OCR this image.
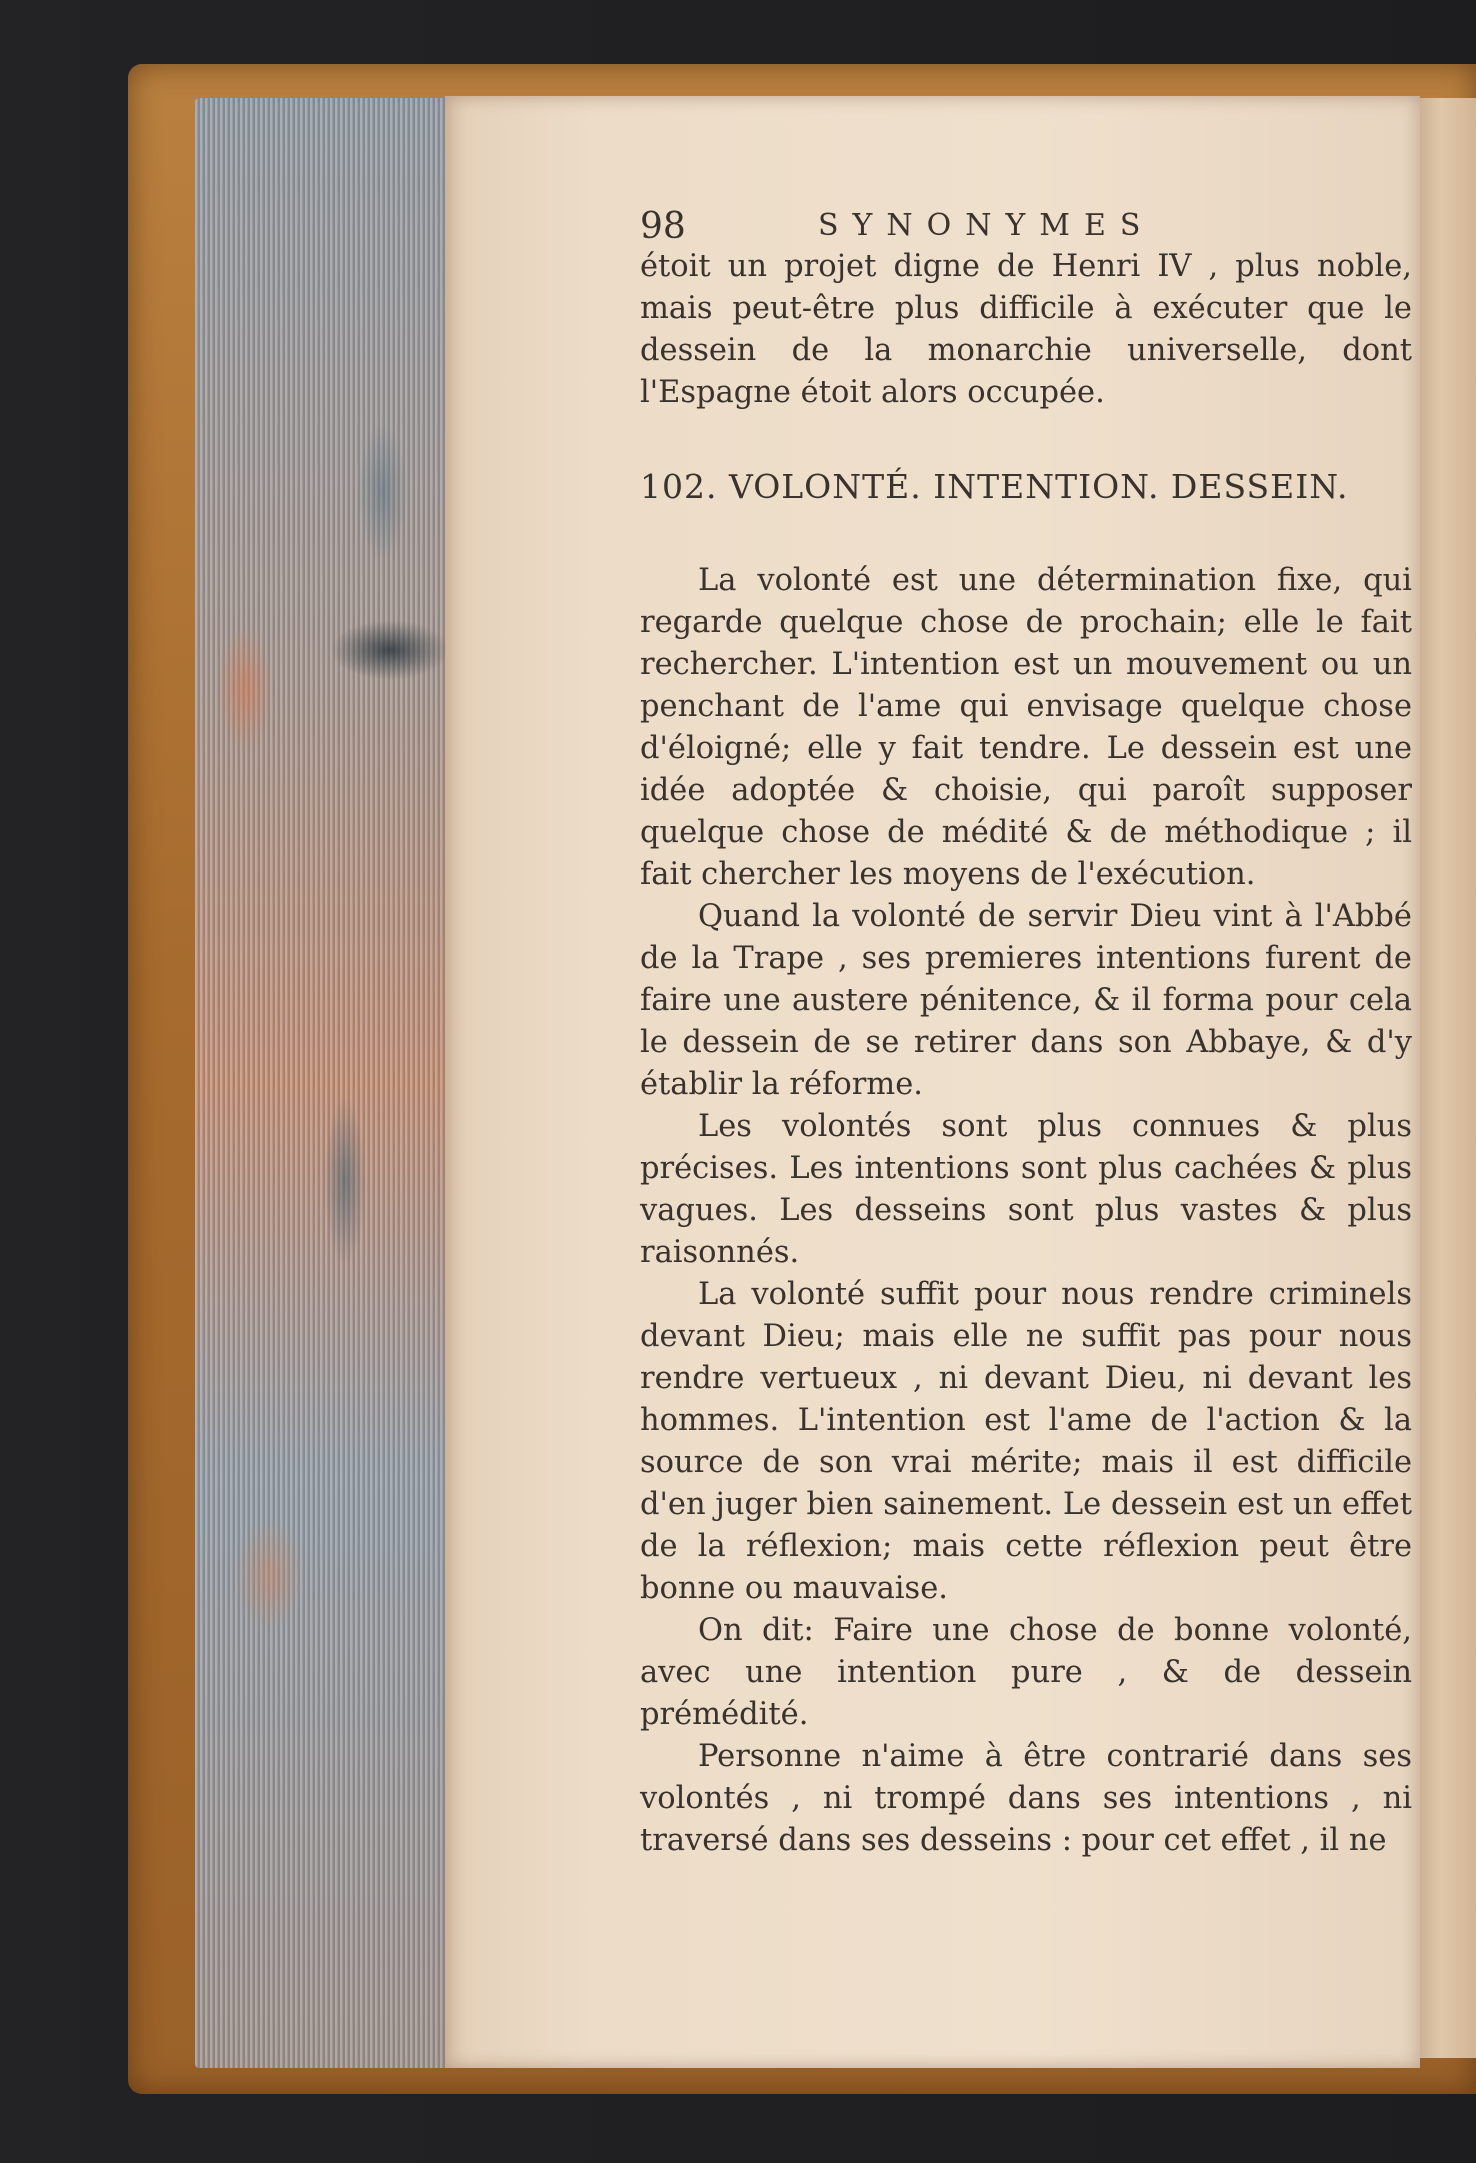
98	SYNONYMES

étoit un projet digne de Henri IV , plus noble, mais peut-être plus difficile à exécuter que le dessein de la monarchie universelle, dont l'Espagne étoit alors occupée.

102. VOLONTÉ. INTENTION. DESSEIN.

La volonté est une détermination fixe, qui regarde quelque chose de prochain; elle le fait rechercher. L'intention est un mouvement ou un penchant de l'ame qui envisage quelque chose d'éloigné; elle y fait tendre. Le dessein est une idée adoptée & choisie, qui paroît supposer quelque chose de médité & de méthodique ; il fait chercher les moyens de l'exécution.

Quand la volonté de servir Dieu vint à l'Abbé de la Trape , ses premieres intentions furent de faire une austere pénitence, & il forma pour cela le dessein de se retirer dans son Abbaye, & d'y établir la réforme.

Les volontés sont plus connues & plus précises. Les intentions sont plus cachées & plus vagues. Les desseins sont plus vastes & plus raisonnés.

La volonté suffit pour nous rendre criminels devant Dieu; mais elle ne suffit pas pour nous rendre vertueux , ni devant Dieu, ni devant les hommes. L'intention est l'ame de l'action & la source de son vrai mérite; mais il est difficile d'en juger bien sainement. Le dessein est un effet de la réflexion; mais cette réflexion peut être bonne ou mauvaise.

On dit: Faire une chose de bonne volonté, avec une intention pure , & de dessein prémédité.

Personne n'aime à être contrarié dans ses volontés , ni trompé dans ses intentions , ni traversé dans ses desseins : pour cet effet , il ne
